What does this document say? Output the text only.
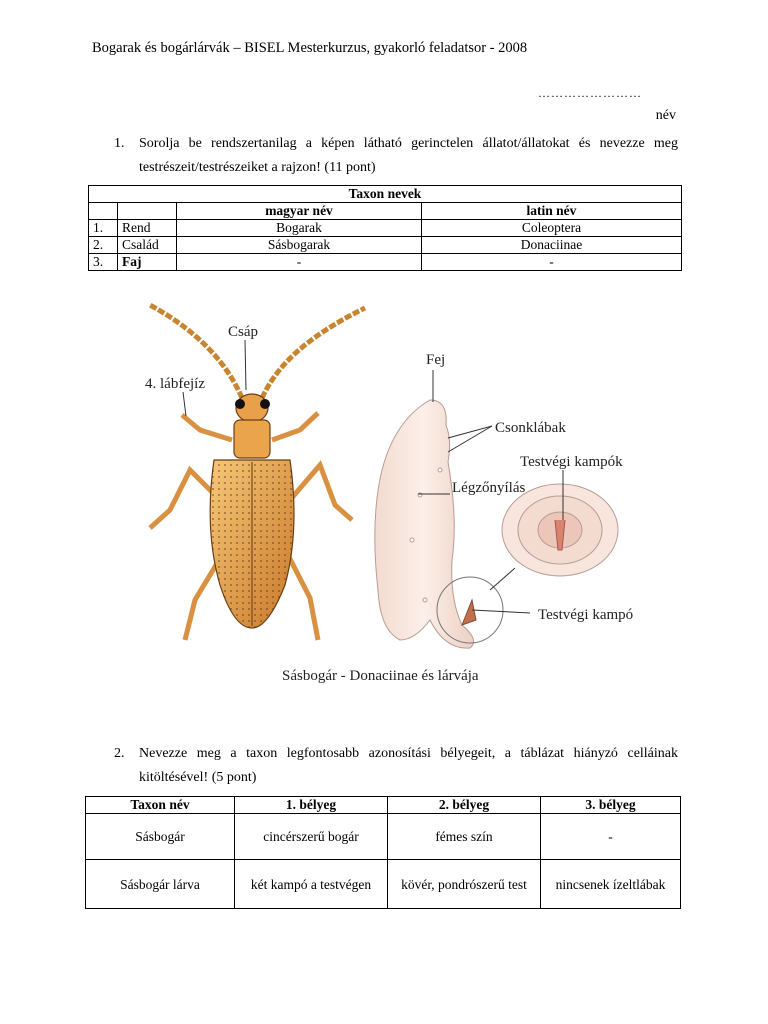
Bogarak és bogárlárvák – BISEL Mesterkurzus, gyakorló feladatsor - 2008
……………………
név
1. Sorolja be rendszertanilag a képen látható gerinctelen állatot/állatokat és nevezze meg testrészeit/testrészeiket a rajzon! (11 pont)
Taxon nevek			
		magyar név	latin név
1.	Rend	Bogarak	Coleoptera
2.	Család	Sásbogarak	Donaciinae
3.	Faj	-	-
Csáp
4. lábfejíz
Fej
Csonklábak
Testvégi kampók
Légzőnyílás
Testvégi kampó
Sásbogár - Donaciinae és lárvája
2. Nevezze meg a taxon legfontosabb azonosítási bélyegeit, a táblázat hiányzó celláinak kitöltésével! (5 pont)
Taxon név	1. bélyeg	2. bélyeg	3. bélyeg
Sásbogár	cincérszerű bogár	fémes szín	-
Sásbogár lárva	két kampó a testvégen	kövér, pondrószerű test	nincsenek ízeltlábak
